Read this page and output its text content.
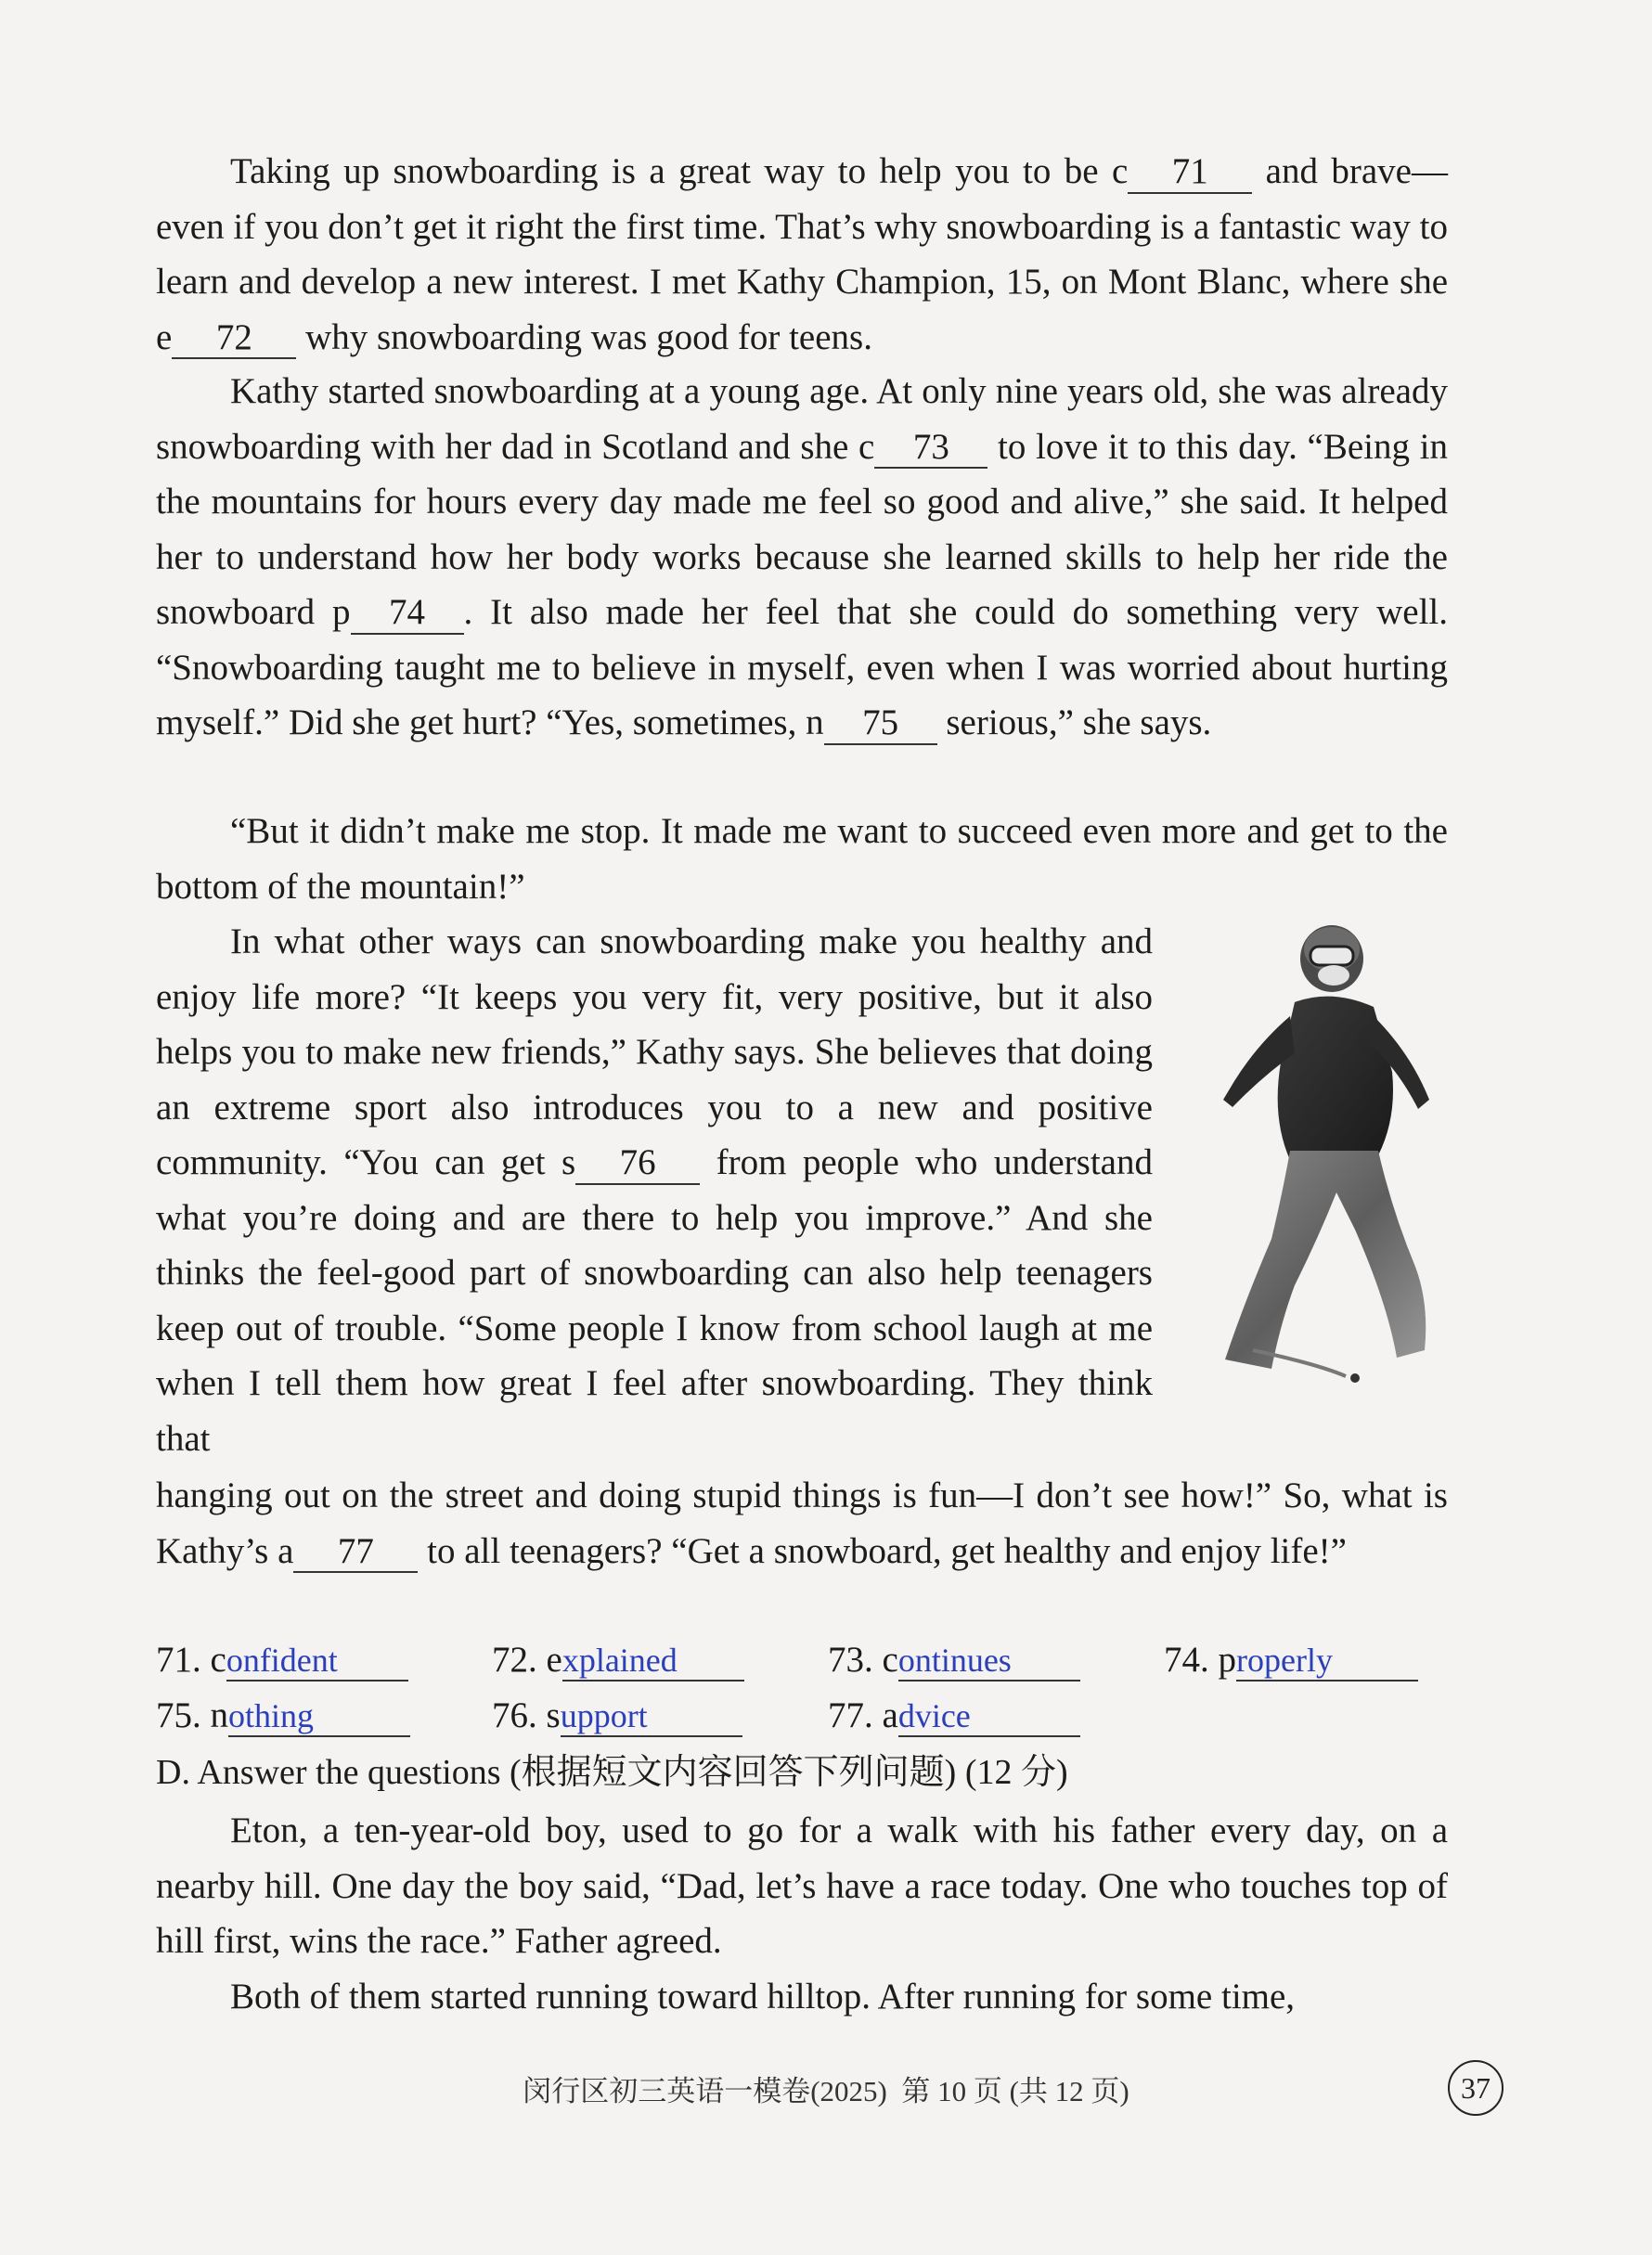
Taking up snowboarding is a great way to help you to be c 71 and brave—even if you don’t get it right the first time. That’s why snowboarding is a fantastic way to learn and develop a new interest. I met Kathy Champion, 15, on Mont Blanc, where she e 72 why snowboarding was good for teens.

Kathy started snowboarding at a young age. At only nine years old, she was already snowboarding with her dad in Scotland and she c 73 to love it to this day. “Being in the mountains for hours every day made me feel so good and alive,” she said. It helped her to understand how her body works because she learned skills to help her ride the snowboard p 74 . It also made her feel that she could do something very well. “Snowboarding taught me to believe in myself, even when I was worried about hurting myself.” Did she get hurt? “Yes, sometimes, n 75 serious,” she says.

“But it didn’t make me stop. It made me want to succeed even more and get to the bottom of the mountain!”

In what other ways can snowboarding make you healthy and enjoy life more? “It keeps you very fit, very positive, but it also helps you to make new friends,” Kathy says. She believes that doing an extreme sport also introduces you to a new and positive community. “You can get s 76 from people who understand what you’re doing and are there to help you improve.” And she thinks the feel-good part of snowboarding can also help teenagers keep out of trouble. “Some people I know from school laugh at me when I tell them how great I feel after snowboarding. They think that

hanging out on the street and doing stupid things is fun—I don’t see how!” So, what is Kathy’s a 77 to all teenagers? “Get a snowboard, get healthy and enjoy life!”

71. confident	72. explained	73. continues	74. properly
75. nothing	76. support	77. advice
D. Answer the questions (根据短文内容回答下列问题) (12 分)

Eton, a ten-year-old boy, used to go for a walk with his father every day, on a nearby hill. One day the boy said, “Dad, let’s have a race today. One who touches top of hill first, wins the race.” Father agreed.

Both of them started running toward hilltop. After running for some time,

闵行区初三英语一模卷(2025)  第 10 页 (共 12 页)	37
